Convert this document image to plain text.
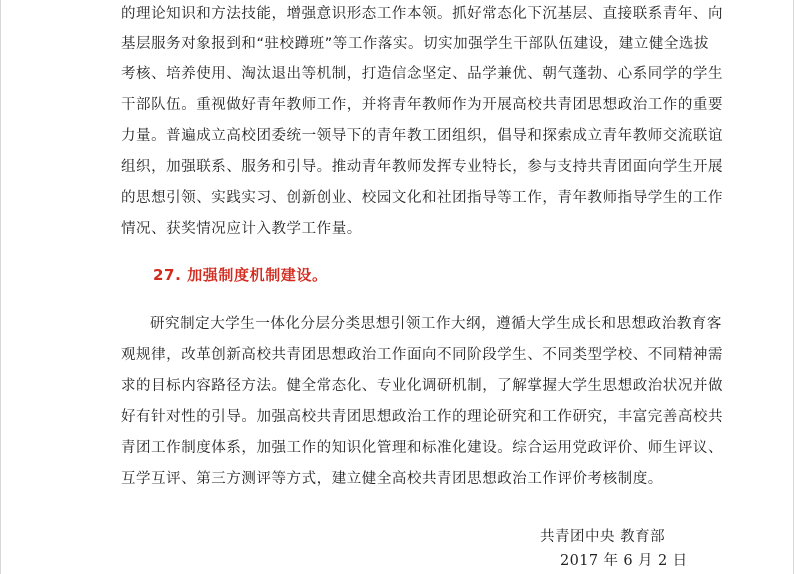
的理论知识和方法技能，增强意识形态工作本领。抓好常态化下沉基层、直接联系青年、向
基层服务对象报到和“驻校蹲班”等工作落实。切实加强学生干部队伍建设，建立健全选拔
考核、培养使用、淘汰退出等机制，打造信念坚定、品学兼优、朝气蓬勃、心系同学的学生
干部队伍。重视做好青年教师工作，并将青年教师作为开展高校共青团思想政治工作的重要
力量。普遍成立高校团委统一领导下的青年教工团组织，倡导和探索成立青年教师交流联谊
组织，加强联系、服务和引导。推动青年教师发挥专业特长，参与支持共青团面向学生开展
的思想引领、实践实习、创新创业、校园文化和社团指导等工作，青年教师指导学生的工作
情况、获奖情况应计入教学工作量。
27. 加强制度机制建设。
研究制定大学生一体化分层分类思想引领工作大纲，遵循大学生成长和思想政治教育客
观规律，改革创新高校共青团思想政治工作面向不同阶段学生、不同类型学校、不同精神需
求的目标内容路径方法。健全常态化、专业化调研机制，了解掌握大学生思想政治状况并做
好有针对性的引导。加强高校共青团思想政治工作的理论研究和工作研究，丰富完善高校共
青团工作制度体系，加强工作的知识化管理和标准化建设。综合运用党政评价、师生评议、
互学互评、第三方测评等方式，建立健全高校共青团思想政治工作评价考核制度。
共青团中央 教育部
2017 年 6 月 2 日
